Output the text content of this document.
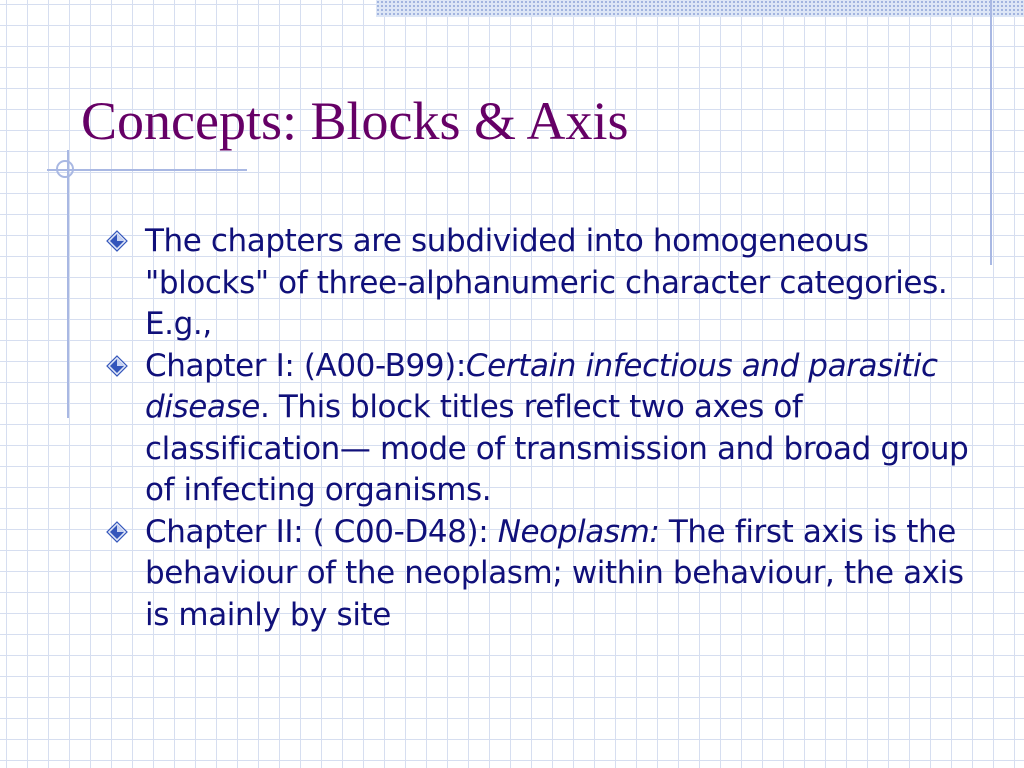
Concepts: Blocks & Axis
The chapters are subdivided into homogeneous "blocks" of three-alphanumeric character categories. E.g.,
Chapter I: (A00-B99):Certain infectious and parasitic disease. This block titles reflect two axes of classification— mode of transmission and broad group of infecting organisms.
Chapter II: ( C00-D48): Neoplasm: The first axis is the behaviour of the neoplasm; within behaviour, the axis is mainly by site
